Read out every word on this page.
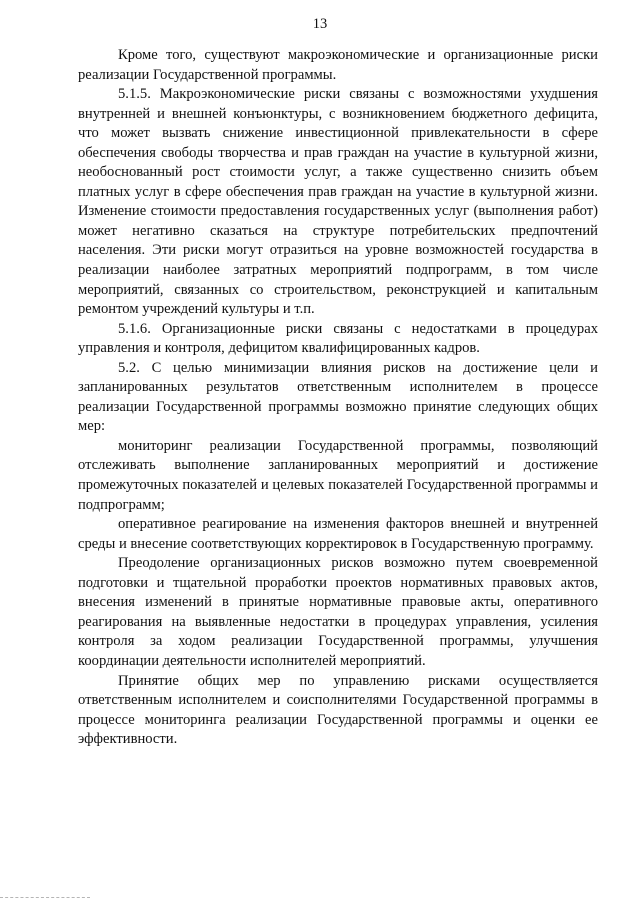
13

Кроме того, существуют макроэкономические и организационные риски реализации Государственной программы.

5.1.5. Макроэкономические риски связаны с возможностями ухудшения внутренней и внешней конъюнктуры, с возникновением бюджетного дефицита, что может вызвать снижение инвестиционной привлекательности в сфере обеспечения свободы творчества и прав граждан на участие в культурной жизни, необоснованный рост стоимости услуг, а также существенно снизить объем платных услуг в сфере обеспечения прав граждан на участие в культурной жизни. Изменение стоимости предоставления государственных услуг (выполнения работ) может негативно сказаться на структуре потребительских предпочтений населения. Эти риски могут отразиться на уровне возможностей государства в реализации наиболее затратных мероприятий подпрограмм, в том числе мероприятий, связанных со строительством, реконструкцией и капитальным ремонтом учреждений культуры и т.п.

5.1.6. Организационные риски связаны с недостатками в процедурах управления и контроля, дефицитом квалифицированных кадров.

5.2. С целью минимизации влияния рисков на достижение цели и запланированных результатов ответственным исполнителем в процессе реализации Государственной программы возможно принятие следующих общих мер:

мониторинг реализации Государственной программы, позволяющий отслеживать выполнение запланированных мероприятий и достижение промежуточных показателей и целевых показателей Государственной программы и подпрограмм;

оперативное реагирование на изменения факторов внешней и внутренней среды и внесение соответствующих корректировок в Государственную программу.

Преодоление организационных рисков возможно путем своевременной подготовки и тщательной проработки проектов нормативных правовых актов, внесения изменений в принятые нормативные правовые акты, оперативного реагирования на выявленные недостатки в процедурах управления, усиления контроля за ходом реализации Государственной программы, улучшения координации деятельности исполнителей мероприятий.

Принятие общих мер по управлению рисками осуществляется ответственным исполнителем и соисполнителями Государственной программы в процессе мониторинга реализации Государственной программы и оценки ее эффективности.
